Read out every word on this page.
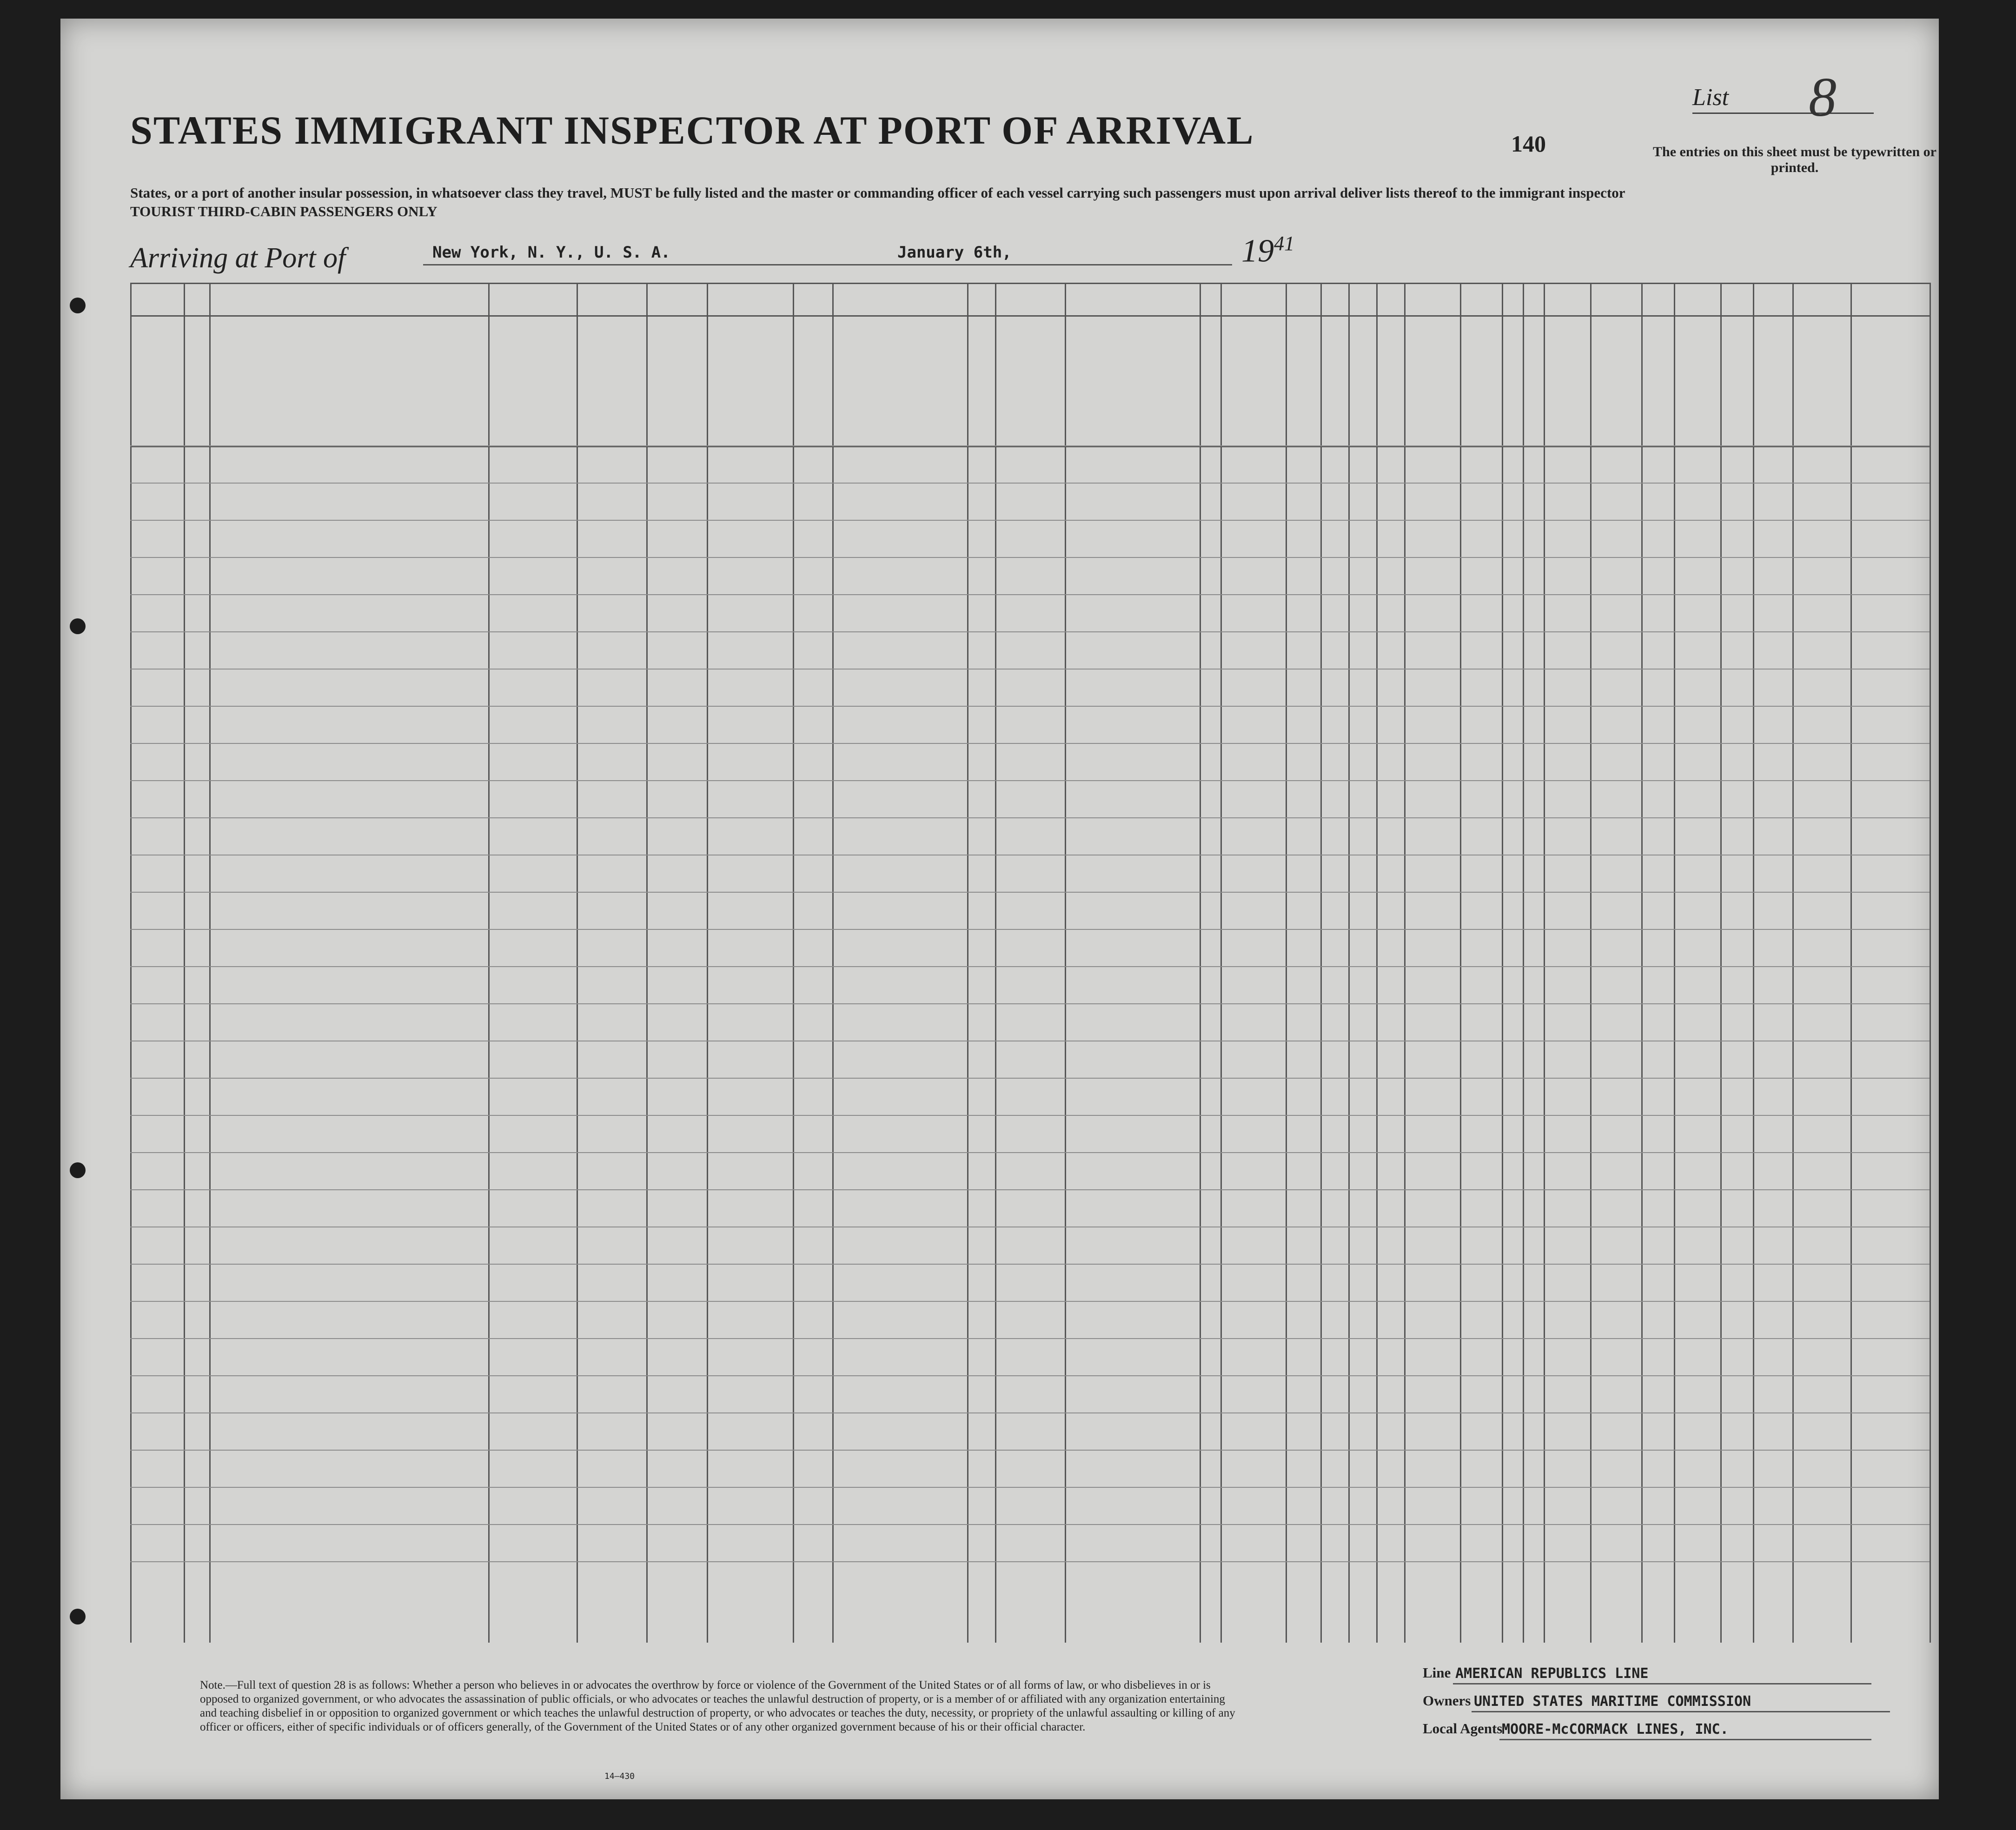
STATES IMMIGRANT INSPECTOR AT PORT OF ARRIVAL	140
List 8
The entries on this sheet must be typewritten or printed.
States, or a port of another insular possession, in whatsoever class they travel, MUST be fully listed and the master or commanding officer of each vessel carrying such passengers must upon arrival deliver lists thereof to the immigrant inspector
TOURIST THIRD-CABIN PASSENGERS ONLY
Arriving at Port of	New York, N. Y., U. S. A.	January 6th,	$19^{41}$
Note.—Full text of question 28 is as follows: Whether a person who believes in or advocates the overthrow by force or violence of the Government of the United States or of all forms of law, or who disbelieves in or is opposed to organized government, or who advocates the assassination of public officials, or who advocates or teaches the unlawful destruction of property, or is a member of or affiliated with any organization entertaining and teaching disbelief in or opposition to organized government or which teaches the unlawful destruction of property, or who advocates or teaches the duty, necessity, or propriety of the unlawful assaulting or killing of any officer or officers, either of specific individuals or of officers generally, of the Government of the United States or of any other organized government because of his or their official character.
14—430
Line AMERICAN REPUBLICS LINE
Owners UNITED STATES MARITIME COMMISSION
Local Agents
MOORE-McCORMACK LINES, INC.
